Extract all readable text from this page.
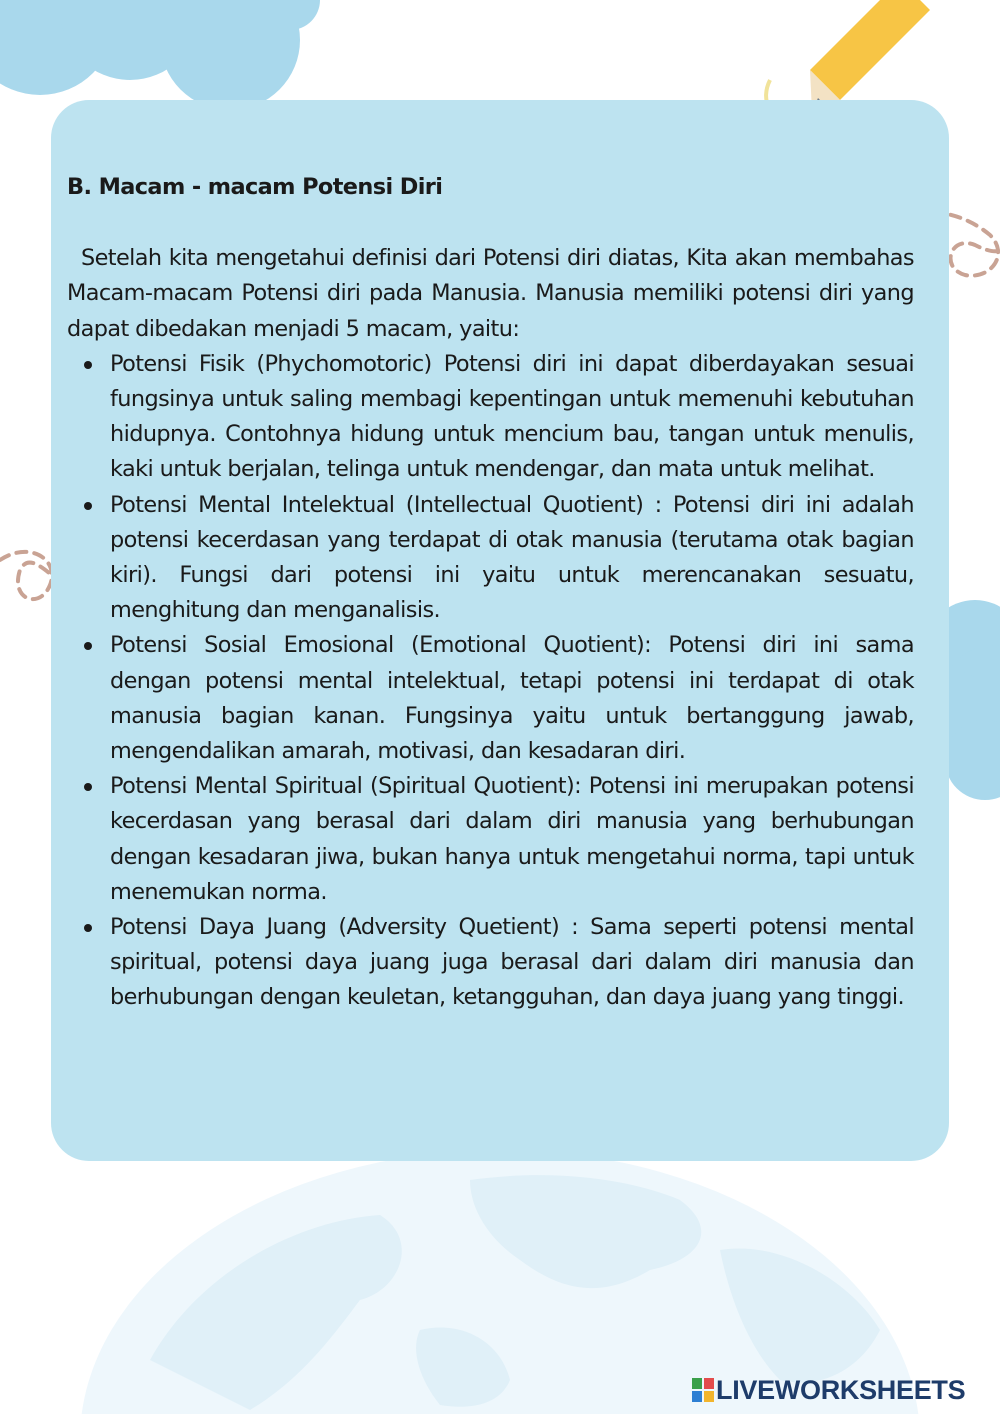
B. Macam - macam Potensi Diri

Setelah kita mengetahui definisi dari Potensi diri diatas, Kita akan membahas Macam-macam Potensi diri pada Manusia. Manusia memiliki potensi diri yang dapat dibedakan menjadi 5 macam, yaitu:

Potensi Fisik (Phychomotoric) Potensi diri ini dapat diberdayakan sesuai fungsinya untuk saling membagi kepentingan untuk memenuhi kebutuhan hidupnya. Contohnya hidung untuk mencium bau, tangan untuk menulis, kaki untuk berjalan, telinga untuk mendengar, dan mata untuk melihat.
Potensi Mental Intelektual (Intellectual Quotient) : Potensi diri ini adalah potensi kecerdasan yang terdapat di otak manusia (terutama otak bagian kiri). Fungsi dari potensi ini yaitu untuk merencanakan sesuatu, menghitung dan menganalisis.
Potensi Sosial Emosional (Emotional Quotient): Potensi diri ini sama dengan potensi mental intelektual, tetapi potensi ini terdapat di otak manusia bagian kanan. Fungsinya yaitu untuk bertanggung jawab, mengendalikan amarah, motivasi, dan kesadaran diri.
Potensi Mental Spiritual (Spiritual Quotient): Potensi ini merupakan potensi kecerdasan yang berasal dari dalam diri manusia yang berhubungan dengan kesadaran jiwa, bukan hanya untuk mengetahui norma, tapi untuk menemukan norma.
Potensi Daya Juang (Adversity Quetient) : Sama seperti potensi mental spiritual, potensi daya juang juga berasal dari dalam diri manusia dan berhubungan dengan keuletan, ketangguhan, dan daya juang yang tinggi.
LIVEWORKSHEETS
